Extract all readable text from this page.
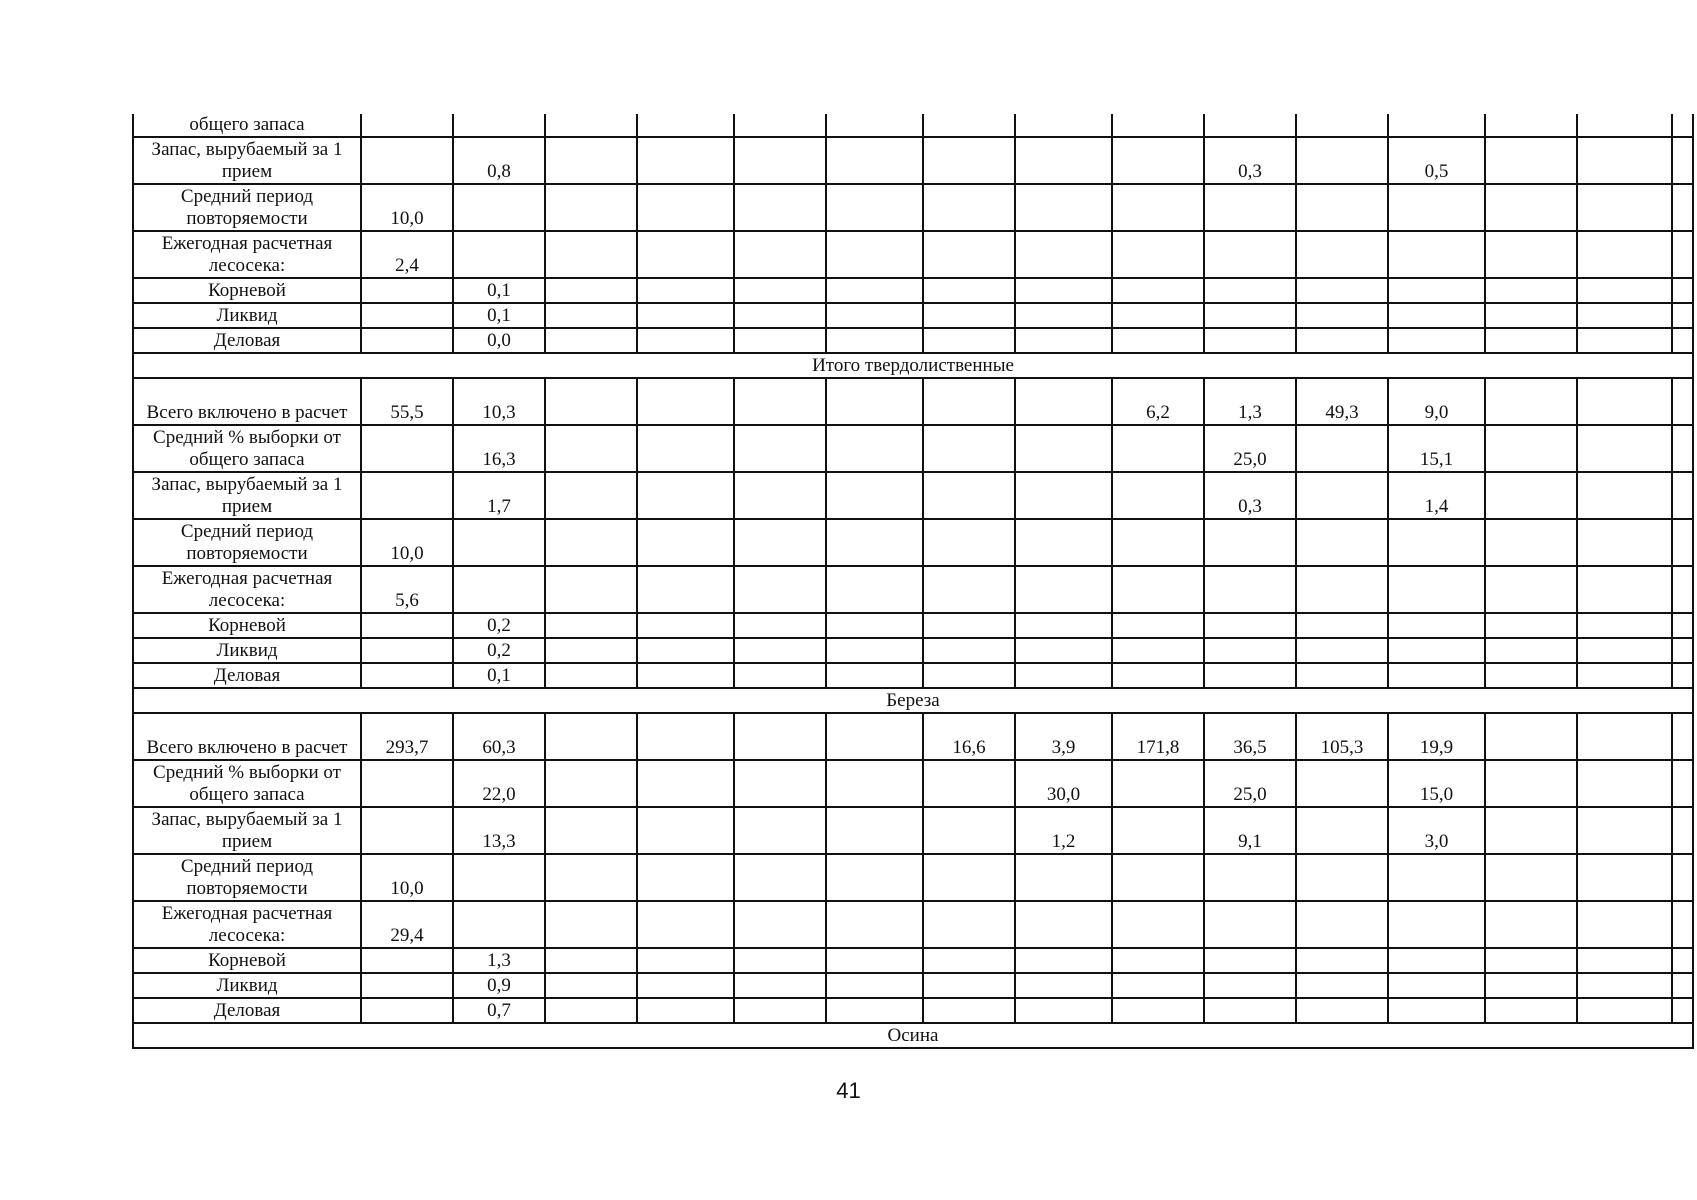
общего запаса															
Запас, вырубаемый за 1 прием		0,8								0,3		0,5			
Средний период повторяемости	10,0														
Ежегодная расчетная лесосека:	2,4														
Корневой		0,1													
Ликвид		0,1													
Деловая		0,0													
Итого твердолиственные															
Всего включено в расчет	55,5	10,3							6,2	1,3	49,3	9,0			
Средний % выборки от общего запаса		16,3								25,0		15,1			
Запас, вырубаемый за 1 прием		1,7								0,3		1,4			
Средний период повторяемости	10,0														
Ежегодная расчетная лесосека:	5,6														
Корневой		0,2													
Ликвид		0,2													
Деловая		0,1													
Береза															
Всего включено в расчет	293,7	60,3					16,6	3,9	171,8	36,5	105,3	19,9			
Средний % выборки от общего запаса		22,0						30,0		25,0		15,0			
Запас, вырубаемый за 1 прием		13,3						1,2		9,1		3,0			
Средний период повторяемости	10,0														
Ежегодная расчетная лесосека:	29,4														
Корневой		1,3													
Ликвид		0,9													
Деловая		0,7													
Осина															
41
